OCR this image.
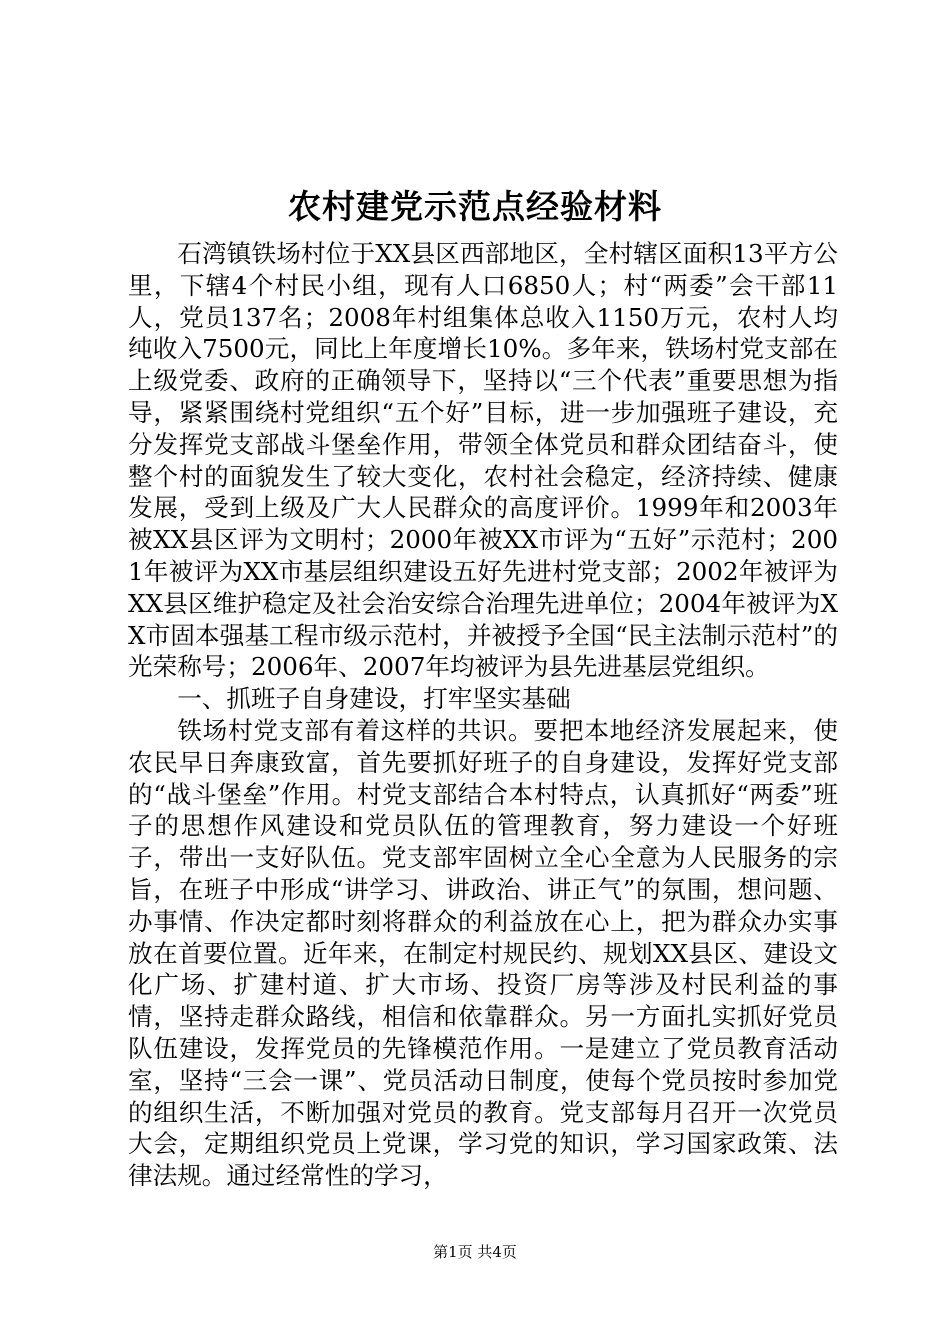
农村建党示范点经验材料

石湾镇铁场村位于XX县区西部地区，全村辖区面积13平方公里，下辖4个村民小组，现有人口6850人；村“两委”会干部11人，党员137名；2008年村组集体总收入1150万元，农村人均纯收入7500元，同比上年度增长10%。多年来，铁场村党支部在上级党委、政府的正确领导下，坚持以“三个代表”重要思想为指导，紧紧围绕村党组织“五个好”目标，进一步加强班子建设，充分发挥党支部战斗堡垒作用，带领全体党员和群众团结奋斗，使整个村的面貌发生了较大变化，农村社会稳定，经济持续、健康发展，受到上级及广大人民群众的高度评价。1999年和2003年被XX县区评为文明村；2000年被XX市评为“五好”示范村；2001年被评为XX市基层组织建设五好先进村党支部；2002年被评为XX县区维护稳定及社会治安综合治理先进单位；2004年被评为XX市固本强基工程市级示范村，并被授予全国“民主法制示范村”的光荣称号；2006年、2007年均被评为县先进基层党组织。

一、抓班子自身建设，打牢坚实基础

铁场村党支部有着这样的共识。要把本地经济发展起来，使农民早日奔康致富，首先要抓好班子的自身建设，发挥好党支部的“战斗堡垒”作用。村党支部结合本村特点，认真抓好“两委”班子的思想作风建设和党员队伍的管理教育，努力建设一个好班子，带出一支好队伍。党支部牢固树立全心全意为人民服务的宗旨，在班子中形成“讲学习、讲政治、讲正气”的氛围，想问题、办事情、作决定都时刻将群众的利益放在心上，把为群众办实事放在首要位置。近年来，在制定村规民约、规划XX县区、建设文化广场、扩建村道、扩大市场、投资厂房等涉及村民利益的事情，坚持走群众路线，相信和依靠群众。另一方面扎实抓好党员队伍建设，发挥党员的先锋模范作用。一是建立了党员教育活动室，坚持“三会一课”、党员活动日制度，使每个党员按时参加党的组织生活，不断加强对党员的教育。党支部每月召开一次党员大会，定期组织党员上党课，学习党的知识，学习国家政策、法律法规。通过经常性的学习，

第1页 共4页
